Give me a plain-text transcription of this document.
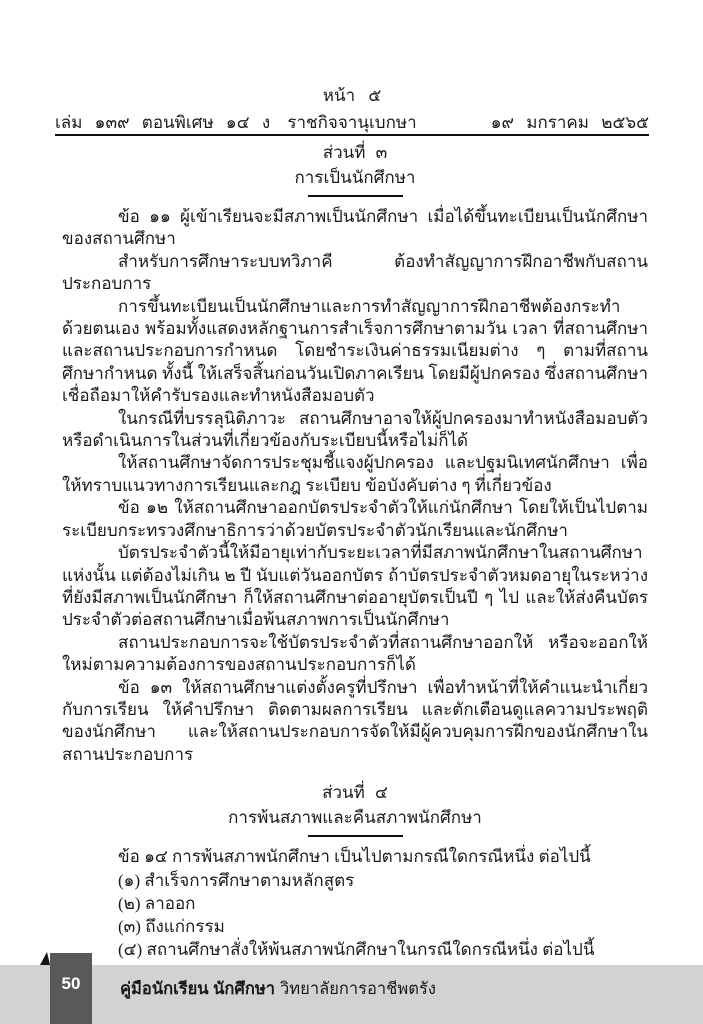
หน้า ๕
เล่ม ๑๓๙ ตอนพิเศษ ๑๔ ง	ราชกิจจานุเบกษา	๑๙ มกราคม ๒๕๖๕
ส่วนที่ ๓
การเป็นนักศึกษา

ข้อ ๑๑ ผู้เข้าเรียนจะมีสภาพเป็นนักศึกษา เมื่อได้ขึ้นทะเบียนเป็นนักศึกษาของสถานศึกษา

สำหรับการศึกษาระบบทวิภาคี ต้องทำสัญญาการฝึกอาชีพกับสถานประกอบการ

การขึ้นทะเบียนเป็นนักศึกษาและการทำสัญญาการฝึกอาชีพต้องกระทำด้วยตนเอง พร้อมทั้งแสดงหลักฐานการสำเร็จการศึกษาตามวัน เวลา ที่สถานศึกษาและสถานประกอบการกำหนด โดยชำระเงินค่าธรรมเนียมต่าง ๆ ตามที่สถานศึกษากำหนด ทั้งนี้ ให้เสร็จสิ้นก่อนวันเปิดภาคเรียน โดยมีผู้ปกครอง ซึ่งสถานศึกษาเชื่อถือมาให้คำรับรองและทำหนังสือมอบตัว

ในกรณีที่บรรลุนิติภาวะ สถานศึกษาอาจให้ผู้ปกครองมาทำหนังสือมอบตัวหรือดำเนินการในส่วนที่เกี่ยวข้องกับระเบียบนี้หรือไม่ก็ได้

ให้สถานศึกษาจัดการประชุมชี้แจงผู้ปกครอง และปฐมนิเทศนักศึกษา เพื่อให้ทราบแนวทางการเรียนและกฎ ระเบียบ ข้อบังคับต่าง ๆ ที่เกี่ยวข้อง

ข้อ ๑๒ ให้สถานศึกษาออกบัตรประจำตัวให้แก่นักศึกษา โดยให้เป็นไปตามระเบียบกระทรวงศึกษาธิการว่าด้วยบัตรประจำตัวนักเรียนและนักศึกษา

บัตรประจำตัวนี้ให้มีอายุเท่ากับระยะเวลาที่มีสภาพนักศึกษาในสถานศึกษาแห่งนั้น แต่ต้องไม่เกิน ๒ ปี นับแต่วันออกบัตร ถ้าบัตรประจำตัวหมดอายุในระหว่างที่ยังมีสภาพเป็นนักศึกษา ก็ให้สถานศึกษาต่ออายุบัตรเป็นปี ๆ ไป และให้ส่งคืนบัตรประจำตัวต่อสถานศึกษาเมื่อพ้นสภาพการเป็นนักศึกษา

สถานประกอบการจะใช้บัตรประจำตัวที่สถานศึกษาออกให้ หรือจะออกให้ใหม่ตามความต้องการของสถานประกอบการก็ได้

ข้อ ๑๓ ให้สถานศึกษาแต่งตั้งครูที่ปรึกษา เพื่อทำหน้าที่ให้คำแนะนำเกี่ยวกับการเรียน ให้คำปรึกษา ติดตามผลการเรียน และตักเตือนดูแลความประพฤติของนักศึกษา และให้สถานประกอบการจัดให้มีผู้ควบคุมการฝึกของนักศึกษาในสถานประกอบการ

ส่วนที่ ๔
การพ้นสภาพและคืนสภาพนักศึกษา

ข้อ ๑๔ การพ้นสภาพนักศึกษา เป็นไปตามกรณีใดกรณีหนึ่ง ต่อไปนี้

(๑) สำเร็จการศึกษาตามหลักสูตร

(๒) ลาออก

(๓) ถึงแก่กรรม

(๔) สถานศึกษาสั่งให้พ้นสภาพนักศึกษาในกรณีใดกรณีหนึ่ง ต่อไปนี้

50	คู่มือนักเรียน นักศึกษา วิทยาลัยการอาชีพตรัง
